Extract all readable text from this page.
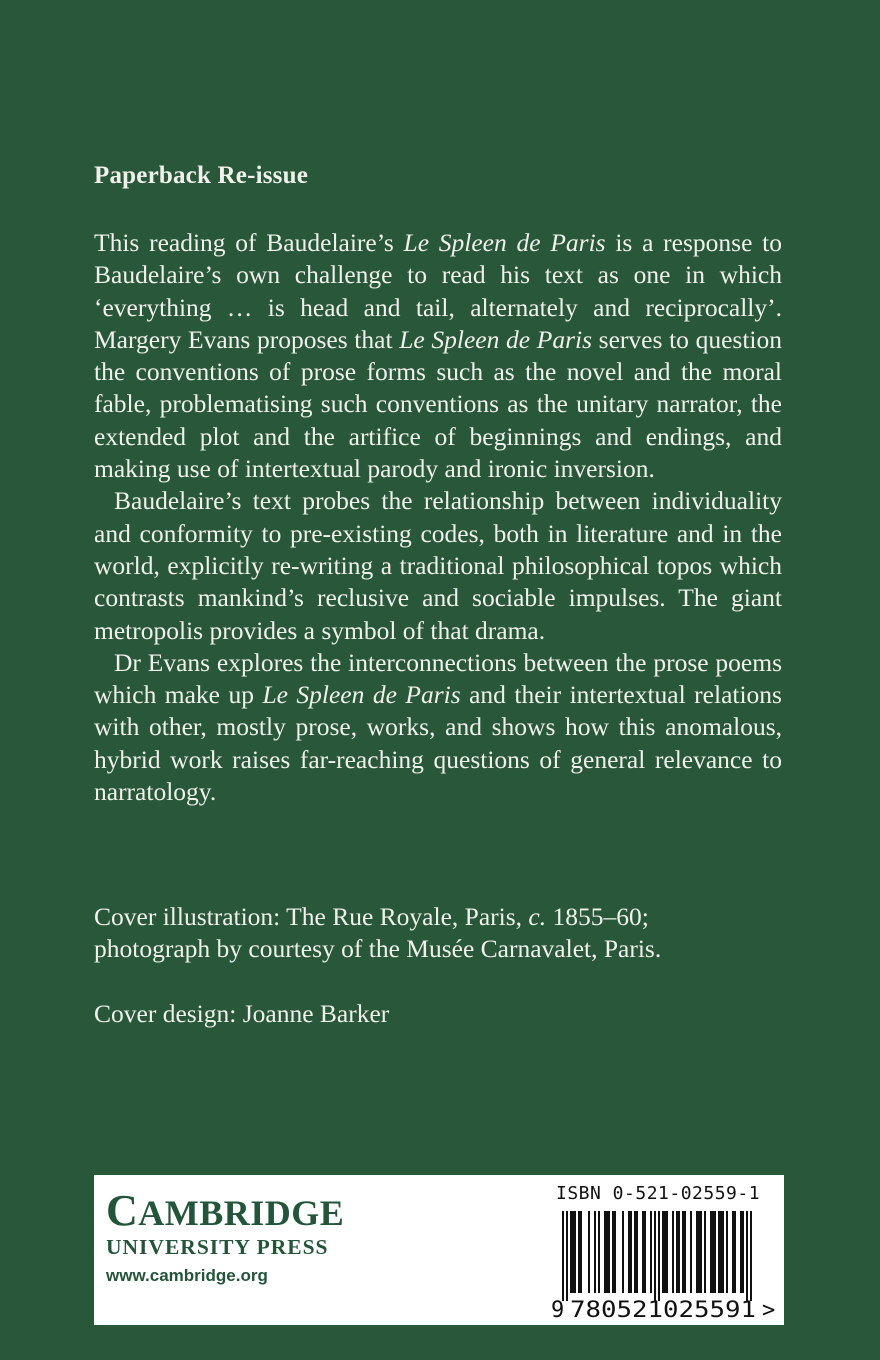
Paperback Re-issue

This reading of Baudelaire’s Le Spleen de Paris is a response to Baudelaire’s own challenge to read his text as one in which ‘everything … is head and tail, alternately and reciprocally’. Margery Evans proposes that Le Spleen de Paris serves to question the conventions of prose forms such as the novel and the moral fable, problematising such conventions as the unitary narrator, the extended plot and the artifice of beginnings and endings, and making use of intertextual parody and ironic inversion.

Baudelaire’s text probes the relationship between individuality and conformity to pre-existing codes, both in literature and in the world, explicitly re-writing a traditional philosophical topos which contrasts mankind’s reclusive and sociable impulses. The giant metropolis provides a symbol of that drama.

Dr Evans explores the interconnections between the prose poems which make up Le Spleen de Paris and their intertextual relations with other, mostly prose, works, and shows how this anomalous, hybrid work raises far-reaching questions of general relevance to narratology.

Cover illustration: The Rue Royale, Paris, c. 1855–60;
photograph by courtesy of the Musée Carnavalet, Paris.

Cover design: Joanne Barker

CAMBRIDGE
UNIVERSITY PRESS
www.cambridge.org
ISBN 0-521-02559-1
9 780521025591 >
